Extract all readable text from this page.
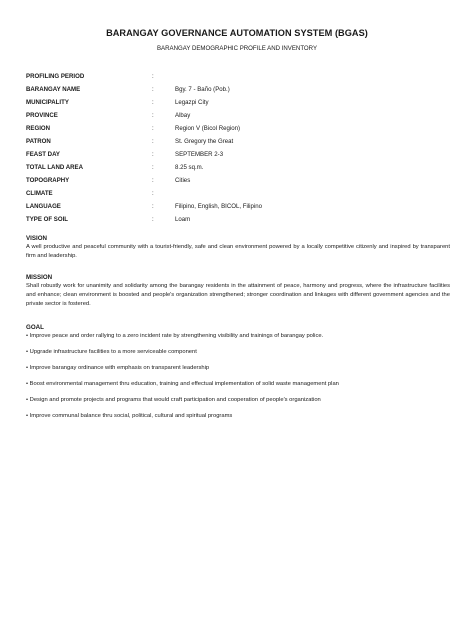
BARANGAY GOVERNANCE AUTOMATION SYSTEM (BGAS)
BARANGAY DEMOGRAPHIC PROFILE AND INVENTORY
PROFILING PERIOD	:
BARANGAY NAME	:	Bgy. 7 - Baño (Pob.)
MUNICIPALITY	:	Legazpi City
PROVINCE	:	Albay
REGION	:	Region V (Bicol Region)
PATRON	:	St. Gregory the Great
FEAST DAY	:	SEPTEMBER 2-3
TOTAL LAND AREA	:	8.25 sq.m.
TOPOGRAPHY	:	Cities
CLIMATE	:
LANGUAGE	:	Filipino, English, BICOL, Filipino
TYPE OF SOIL	:	Loam
VISION

A well productive and peaceful community with a tourist-friendly, safe and clean environment powered by a locally competitive citizenly and inspired by transparent firm and leadership.

MISSION

Shall robustly work for unanimity and solidarity among the barangay residents in the attainment of peace, harmony and progress, where the infrastructure facilities and enhance; clean environment is boosted and people's organization strengthened; stronger coordination and linkages with different government agencies and the private sector is fostered.

GOAL
• Improve peace and order rallying to a zero incident rate by strengthening visibility and trainings of barangay police.
• Upgrade infrastructure facilities to a more serviceable component
• Improve barangay ordinance with emphasis on transparent leadership
• Boost environmental management thru education, training and effectual implementation of solid waste management plan
• Design and promote projects and programs that would craft participation and cooperation of people's organization
• Improve communal balance thru social, political, cultural and spiritual programs
